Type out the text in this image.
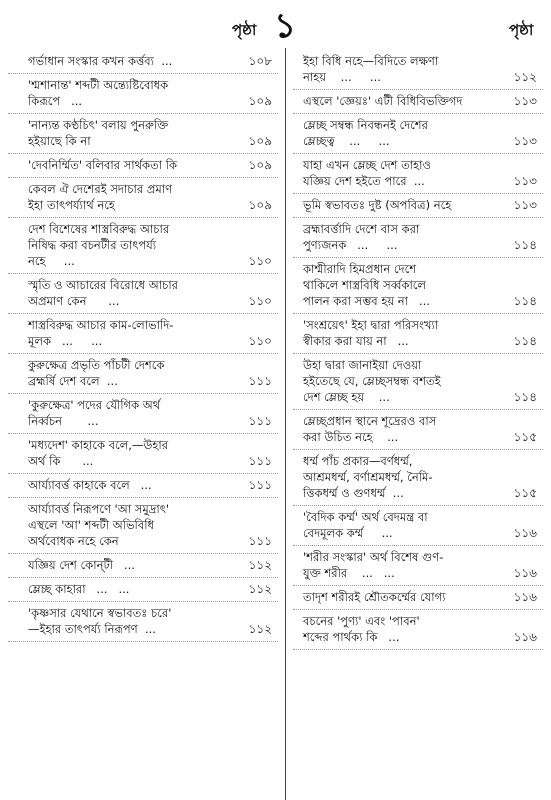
পৃষ্ঠা ১	পৃষ্ঠা
গর্ভাধান সংস্কার কখন কর্ত্তব্য  ...	১০৮
'শ্মশানান্ত' শব্দটী অন্ত্যেষ্টিবোধক
কিরূপে   ...	১০৯
'নান্যন্ত কণ্ঠচিৎ' বলায় পুনরুক্তি
হইয়াছে কি না	১০৯
'দেবনির্ম্মিত' বলিবার সার্থকতা কি	১০৯
কেবল ঐ দেশেরই সদাচার প্রমাণ
ইহা তাৎপর্য্যার্থ নহে	১০৯
দেশ বিশেষের শাস্ত্রবিরুদ্ধ আচার
নিষিদ্ধ করা বচনটীর তাৎপর্য্য
নহে     ...	১১০
স্মৃতি ও আচারের বিরোধে আচার
অপ্রমাণ কেন      ...	১১০
শাস্ত্রবিরুদ্ধ আচার কাম-লোভাদি-
মূলক   ...     ...	১১০
কুরুক্ষেত্র প্রভৃতি পাঁচটী দেশকে
ব্রহ্মর্ষি দেশ বলে  ...	১১১
'কুরুক্ষেত্র' পদের যৌগিক অর্থ
নির্ব্বচন       ...	১১১
'মধ্যদেশ' কাহাকে বলে,—উহার
অর্থ কি      ...	১১১
আর্য্যাবর্ত্ত কাহাকে বলে   ...	১১১
আর্য্যাবর্ত্ত নিরূপণে 'আ সমুদ্রাৎ'
এস্থলে 'আ' শব্দটী অভিবিধি
অর্থবোধক নহে কেন	১১১
যজ্ঞিয় দেশ কোন্‌টী   ...	১১২
ম্লেচ্ছ কাহারা   ...   ...	১১২
'কৃষ্ণসার যেথানে স্বভাবতঃ চরে'
—ইহার তাৎপর্য্য নিরূপণ  ...	১১২
ইহা বিধি নহে—বিদিতে লক্ষণা
নাহয়    ...     ...	১১২
এস্থলে 'জ্ঞেয়ঃ' এটী বিধিবিভক্তিগদ	১১৩
ম্লেচ্ছ সম্বন্ধ নিবন্ধনই দেশের
ম্লেচ্ছত্ব    ...     ...	১১৩
যাহা এখন ম্লেচ্ছ দেশ তাহাও
যজ্ঞিয় দেশ হইতে পারে  ...	১১৩
ভূমি স্বভাবতঃ দুষ্ট (অপবিত্র) নহে	১১৩
ব্রহ্মাবর্ত্তাদি দেশে বাস করা
পুণ্যজনক   ...     ...	১১৪
কাশ্মীরাদি হিমপ্রধান দেশে
থাকিলে শাস্ত্রবিধি সর্ব্বকালে
পালন করা সম্ভব হয় না   ...	১১৪
'সংশ্রয়েৎ' ইহা দ্বারা পরিসংখ্যা
স্বীকার করা যায় না   ...	১১৪
উহা দ্বারা জানাইয়া দেওয়া
হইতেছে যে, ম্লেচ্ছসম্বন্ধ বশতই
দেশ ম্লেচ্ছ হয়    ...	১১৪
ম্লেচ্ছপ্রধান স্থানে শূদ্রেরও বাস
করা উচিত নহে    ...	১১৫
ধর্ম্ম পাঁচ প্রকার—বর্ণধর্ম্ম,
আশ্রমধর্ম্ম, বর্ণাশ্রমধর্ম্ম, নৈমি-
ত্তিকধর্ম্ম ও গুণধর্ম্ম  ...	১১৫
'বৈদিক কর্ম্ম' অর্থ বেদমন্ত্র বা
বেদমূলক কর্ম্ম     ...	১১৬
'শরীর সংস্কার' অর্থ বিশেষ গুণ-
যুক্ত শরীর    ...   ...	১১৬
তাদৃশ শরীরই শ্রৌতকর্ম্মের যোগ্য	১১৬
বচনের 'পুণ্য' এবং 'পাবন'
শব্দের পার্থক্য কি   ...	১১৬
